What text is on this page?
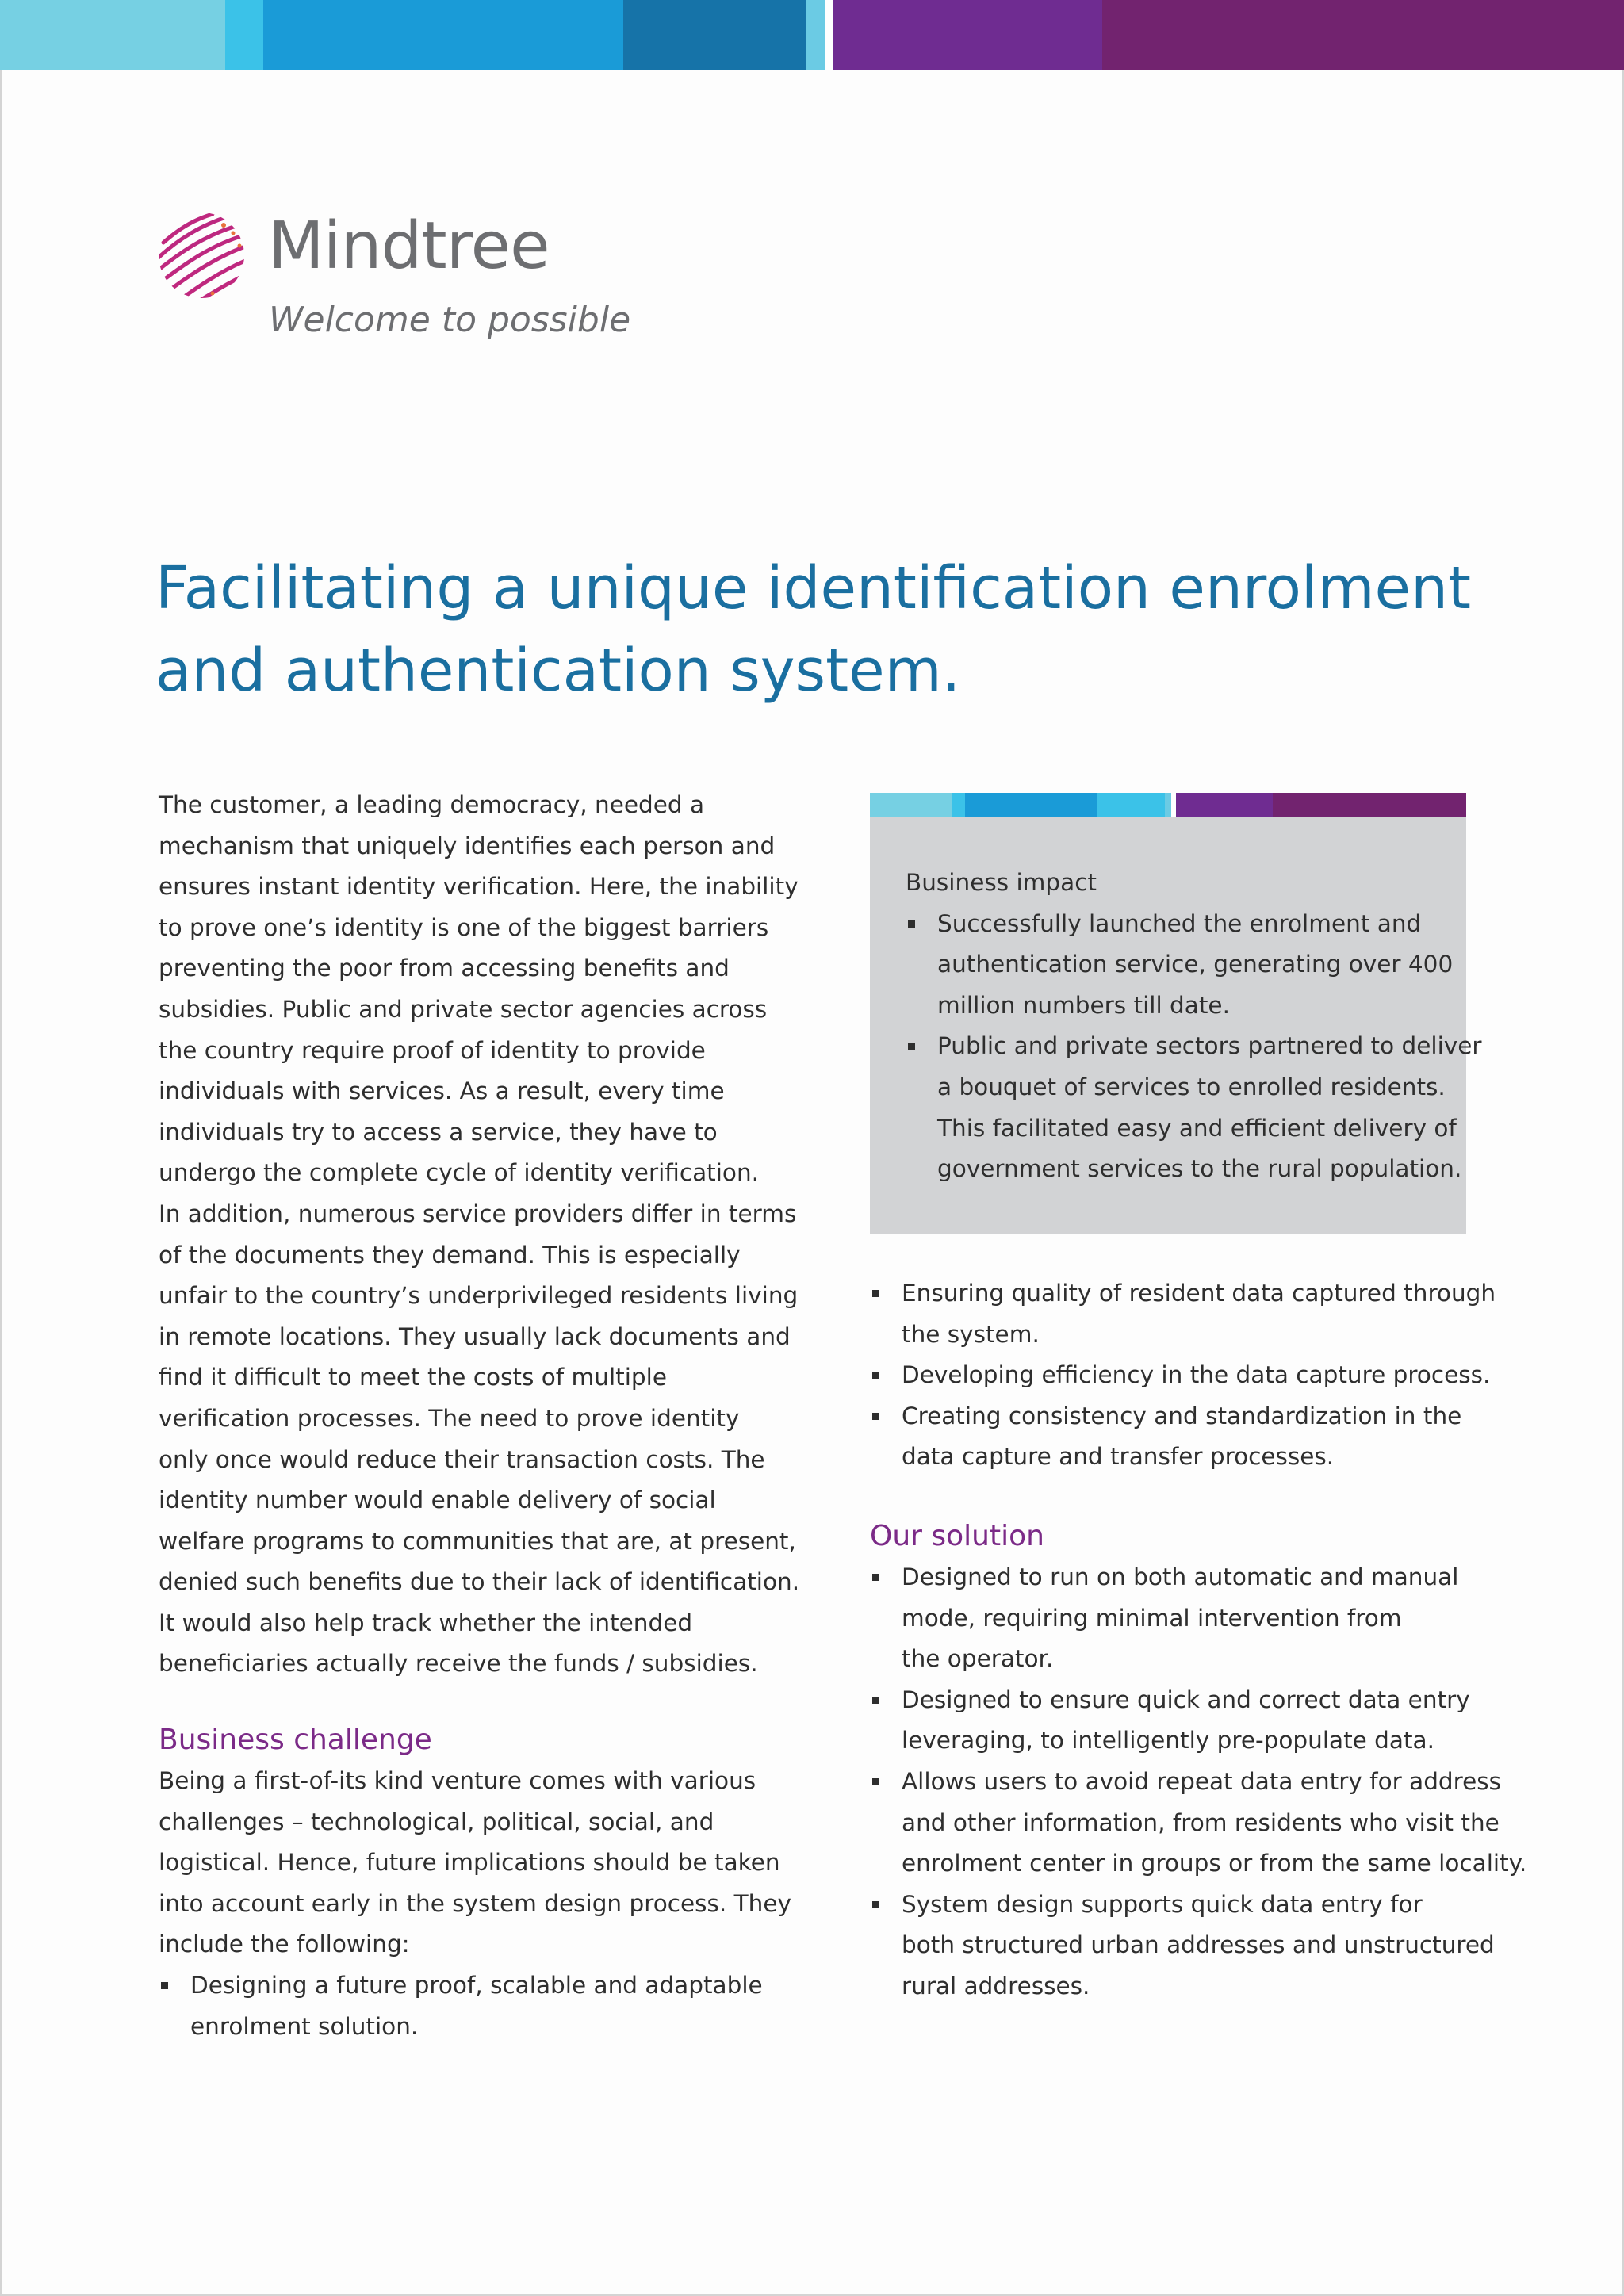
Mindtree
Welcome to possible
Facilitating a unique identification enrolment
and authentication system.

The customer, a leading democracy, needed a
mechanism that uniquely identifies each person and
ensures instant identity verification. Here, the inability
to prove one’s identity is one of the biggest barriers
preventing the poor from accessing benefits and
subsidies. Public and private sector agencies across
the country require proof of identity to provide
individuals with services. As a result, every time
individuals try to access a service, they have to
undergo the complete cycle of identity verification.
In addition, numerous service providers differ in terms
of the documents they demand. This is especially
unfair to the country’s underprivileged residents living
in remote locations. They usually lack documents and
find it difficult to meet the costs of multiple
verification processes. The need to prove identity
only once would reduce their transaction costs. The
identity number would enable delivery of social
welfare programs to communities that are, at present,
denied such benefits due to their lack of identification.
It would also help track whether the intended
beneficiaries actually receive the funds / subsidies.

Business challenge

Being a first-of-its kind venture comes with various
challenges – technological, political, social, and
logistical. Hence, future implications should be taken
into account early in the system design process. They
include the following:

Designing a future proof, scalable and adaptable
enrolment solution.

Business impact

Successfully launched the enrolment and
authentication service, generating over 400
million numbers till date.
Public and private sectors partnered to deliver
a bouquet of services to enrolled residents.
This facilitated easy and efficient delivery of
government services to the rural population.
Ensuring quality of resident data captured through
the system.
Developing efficiency in the data capture process.
Creating consistency and standardization in the
data capture and transfer processes.
Our solution
Designed to run on both automatic and manual
mode, requiring minimal intervention from
the operator.
Designed to ensure quick and correct data entry
leveraging, to intelligently pre-populate data.
Allows users to avoid repeat data entry for address
and other information, from residents who visit the
enrolment center in groups or from the same locality.
System design supports quick data entry for
both structured urban addresses and unstructured
rural addresses.
